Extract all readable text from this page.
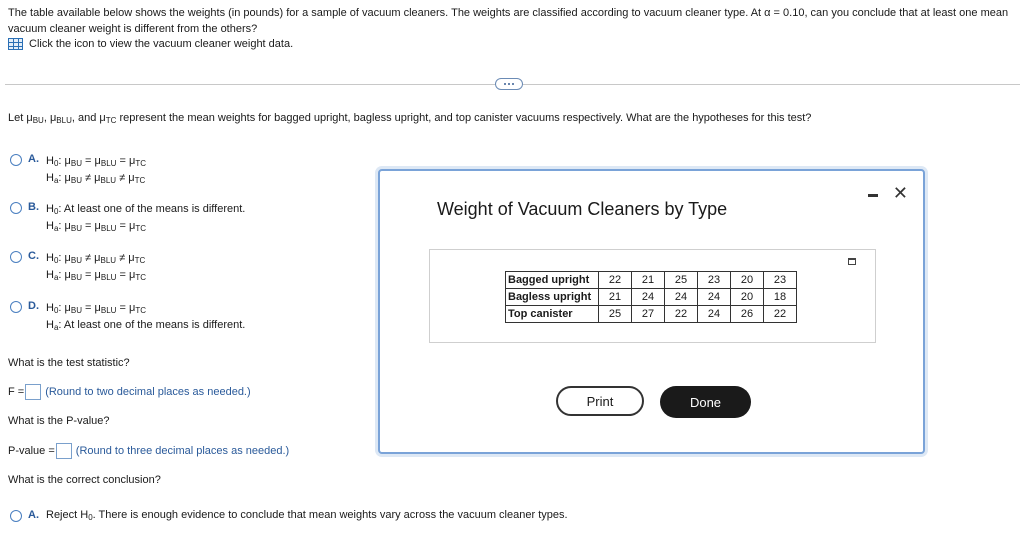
The table available below shows the weights (in pounds) for a sample of vacuum cleaners. The weights are classified according to vacuum cleaner type. At α = 0.10, can you conclude that at least one mean vacuum cleaner weight is different from the others?
Click the icon to view the vacuum cleaner weight data.
Let μBU, μBLU, and μTC represent the mean weights for bagged upright, bagless upright, and top canister vacuums respectively. What are the hypotheses for this test?
A. H0: μBU = μBLU = μTC
Ha: μBU ≠ μBLU ≠ μTC
B. H0: At least one of the means is different.
Ha: μBU = μBLU = μTC
C. H0: μBU ≠ μBLU ≠ μTC
Ha: μBU = μBLU = μTC
D. H0: μBU = μBLU = μTC
Ha: At least one of the means is different.
What is the test statistic?
F = (Round to two decimal places as needed.)
What is the P-value?
P-value = (Round to three decimal places as needed.)
What is the correct conclusion?
A. Reject H0. There is enough evidence to conclude that mean weights vary across the vacuum cleaner types.
Weight of Vacuum Cleaners by Type
✕
Bagged upright	22	21	25	23	20	23
Bagless upright	21	24	24	24	20	18
Top canister	25	27	22	24	26	22
Print	Done
